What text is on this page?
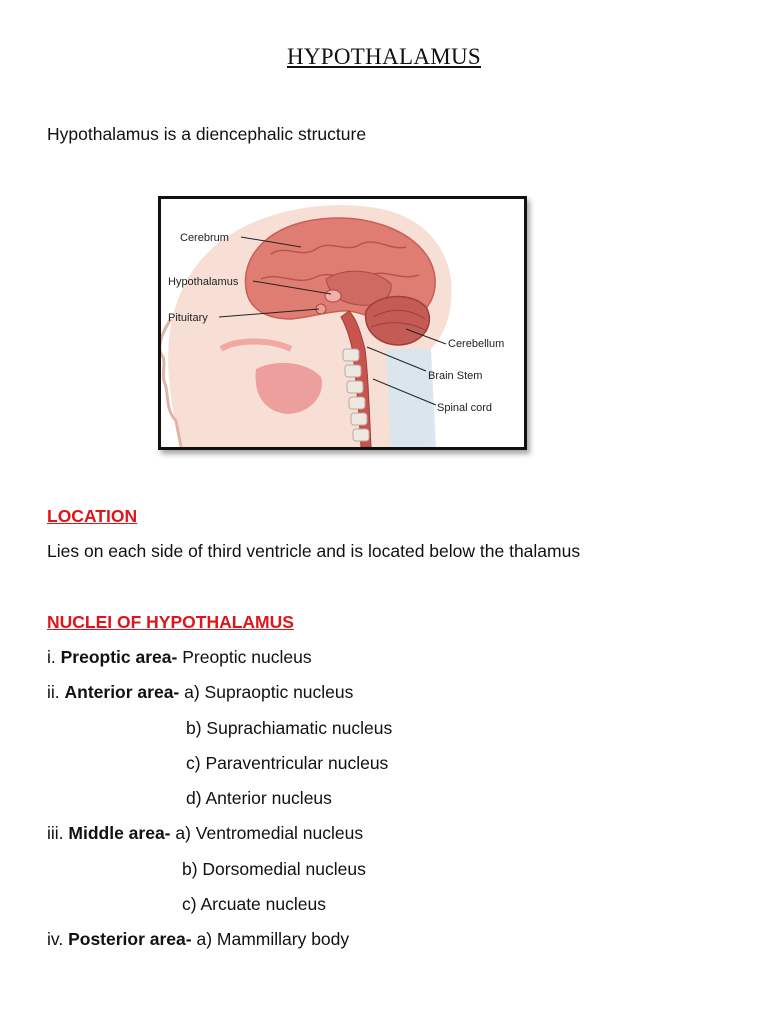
HYPOTHALAMUS
Hypothalamus is a diencephalic structure
Cerebrum
Hypothalamus
Pituitary
Cerebellum
Brain Stem
Spinal cord
LOCATION
Lies on each side of third ventricle and is located below the thalamus
NUCLEI OF HYPOTHALAMUS
i. Preoptic area- Preoptic nucleus
ii. Anterior area- a) Supraoptic nucleus
b) Suprachiamatic nucleus
c) Paraventricular nucleus
d) Anterior nucleus
iii. Middle area- a) Ventromedial nucleus
b) Dorsomedial nucleus
c) Arcuate nucleus
iv. Posterior area- a) Mammillary body
